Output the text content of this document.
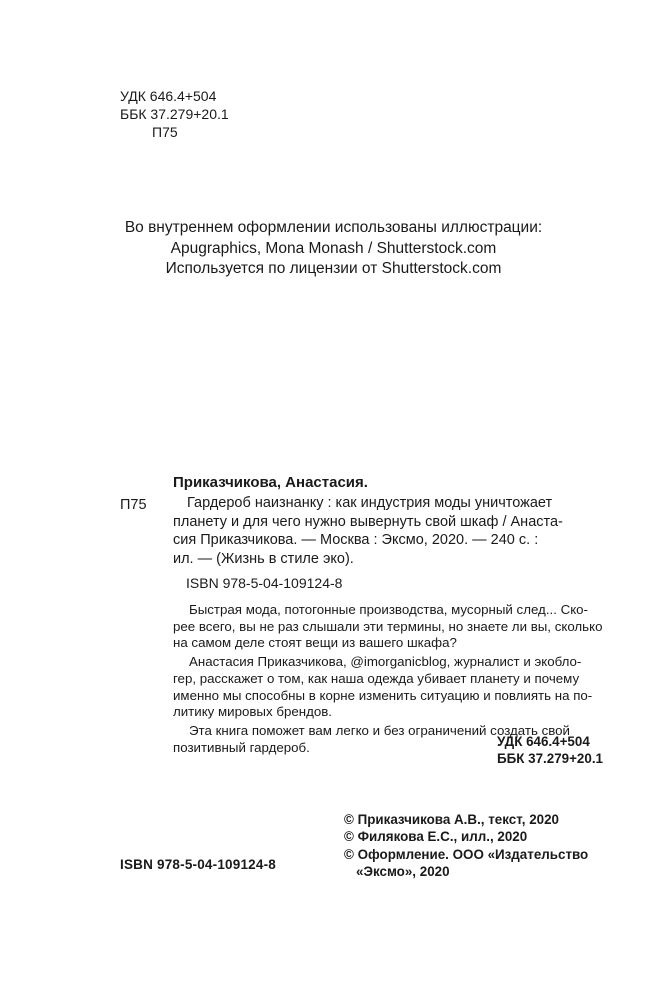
УДК 646.4+504
ББК 37.279+20.1
П75
Во внутреннем оформлении использованы иллюстрации:
Apugraphics, Mona Monash / Shutterstock.com
Используется по лицензии от Shutterstock.com
Приказчикова, Анастасия.
П75	Гардероб наизнанку : как индустрия моды уничтожает
планету и для чего нужно вывернуть свой шкаф / Анаста-
сия Приказчикова. — Москва : Эксмо, 2020. — 240 с. :
ил. — (Жизнь в стиле эко).
ISBN 978-5-04-109124-8

Быстрая мода, потогонные производства, мусорный след... Ско-
рее всего, вы не раз слышали эти термины, но знаете ли вы, сколько
на самом деле стоят вещи из вашего шкафа?

Анастасия Приказчикова, @imorganicblog, журналист и экобло-
гер, расскажет о том, как наша одежда убивает планету и почему
именно мы способны в корне изменить ситуацию и повлиять на по-
литику мировых брендов.

Эта книга поможет вам легко и без ограничений создать свой
позитивный гардероб.	УДК 646.4+504
ББК 37.279+20.1
© Приказчикова А.В., текст, 2020
© Филякова Е.С., илл., 2020
© Оформление. ООО «Издательство
«Эксмо», 2020
ISBN 978-5-04-109124-8
